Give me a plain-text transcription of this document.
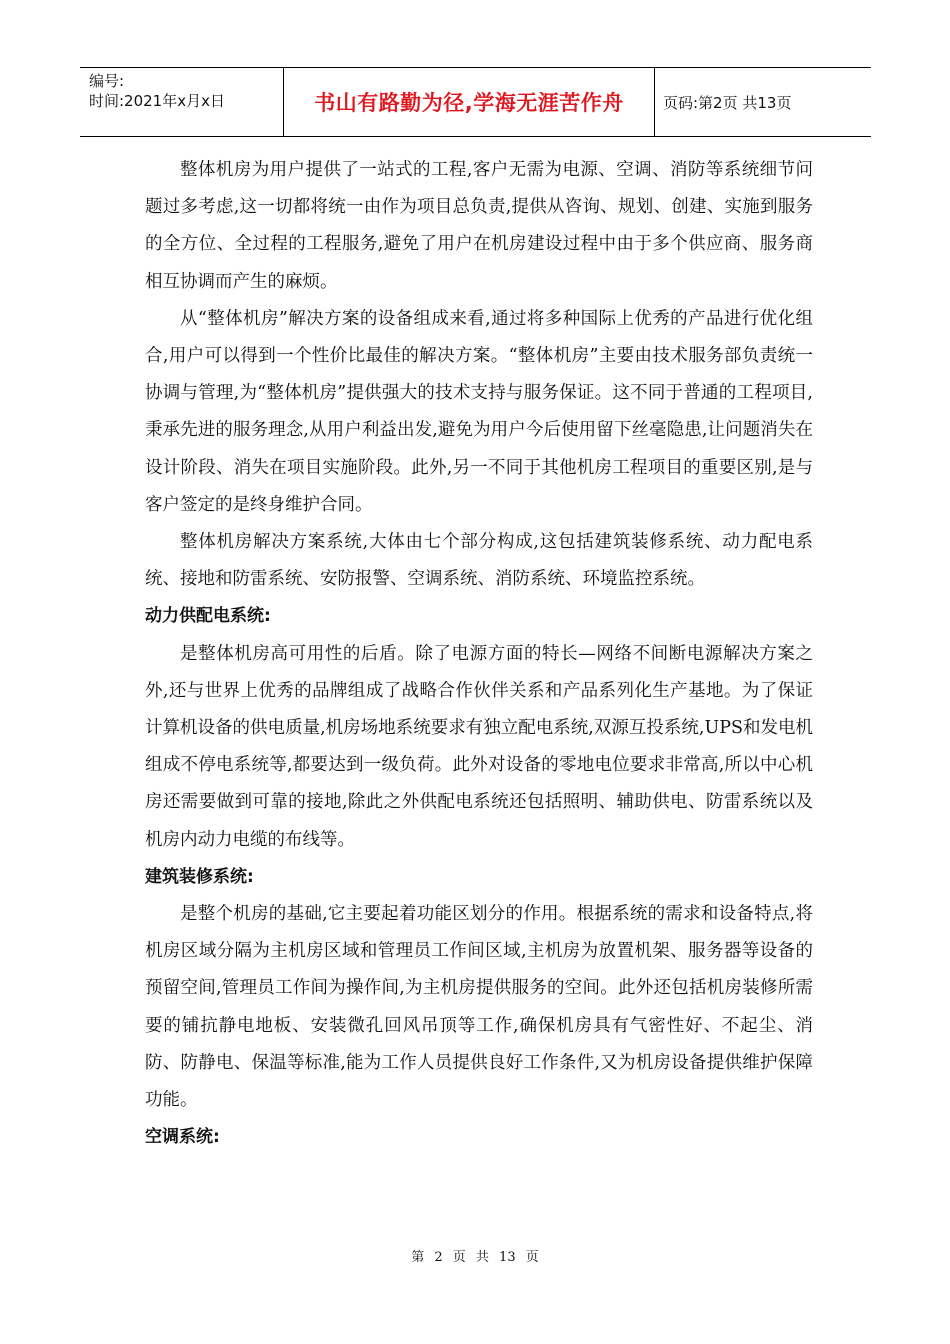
编号:
时间:2021年x月x日	书山有路勤为径,学海无涯苦作舟	页码:第2页 共13页

整体机房为用户提供了一站式的工程,客户无需为电源、空调、消防等系统细节问题过多考虑,这一切都将统一由作为项目总负责,提供从咨询、规划、创建、实施到服务的全方位、全过程的工程服务,避免了用户在机房建设过程中由于多个供应商、服务商相互协调而产生的麻烦。

从“整体机房”解决方案的设备组成来看,通过将多种国际上优秀的产品进行优化组合,用户可以得到一个性价比最佳的解决方案。“整体机房”主要由技术服务部负责统一协调与管理,为“整体机房”提供强大的技术支持与服务保证。这不同于普通的工程项目,秉承先进的服务理念,从用户利益出发,避免为用户今后使用留下丝毫隐患,让问题消失在设计阶段、消失在项目实施阶段。此外,另一不同于其他机房工程项目的重要区别,是与客户签定的是终身维护合同。

整体机房解决方案系统,大体由七个部分构成,这包括建筑装修系统、动力配电系统、接地和防雷系统、安防报警、空调系统、消防系统、环境监控系统。

动力供配电系统:

是整体机房高可用性的后盾。除了电源方面的特长—网络不间断电源解决方案之外,还与世界上优秀的品牌组成了战略合作伙伴关系和产品系列化生产基地。为了保证计算机设备的供电质量,机房场地系统要求有独立配电系统,双源互投系统,UPS和发电机组成不停电系统等,都要达到一级负荷。此外对设备的零地电位要求非常高,所以中心机房还需要做到可靠的接地,除此之外供配电系统还包括照明、辅助供电、防雷系统以及机房内动力电缆的布线等。

建筑装修系统:

是整个机房的基础,它主要起着功能区划分的作用。根据系统的需求和设备特点,将机房区域分隔为主机房区域和管理员工作间区域,主机房为放置机架、服务器等设备的预留空间,管理员工作间为操作间,为主机房提供服务的空间。此外还包括机房装修所需要的铺抗静电地板、安装微孔回风吊顶等工作,确保机房具有气密性好、不起尘、消防、防静电、保温等标准,能为工作人员提供良好工作条件,又为机房设备提供维护保障功能。

空调系统:

第 2 页 共 13 页
